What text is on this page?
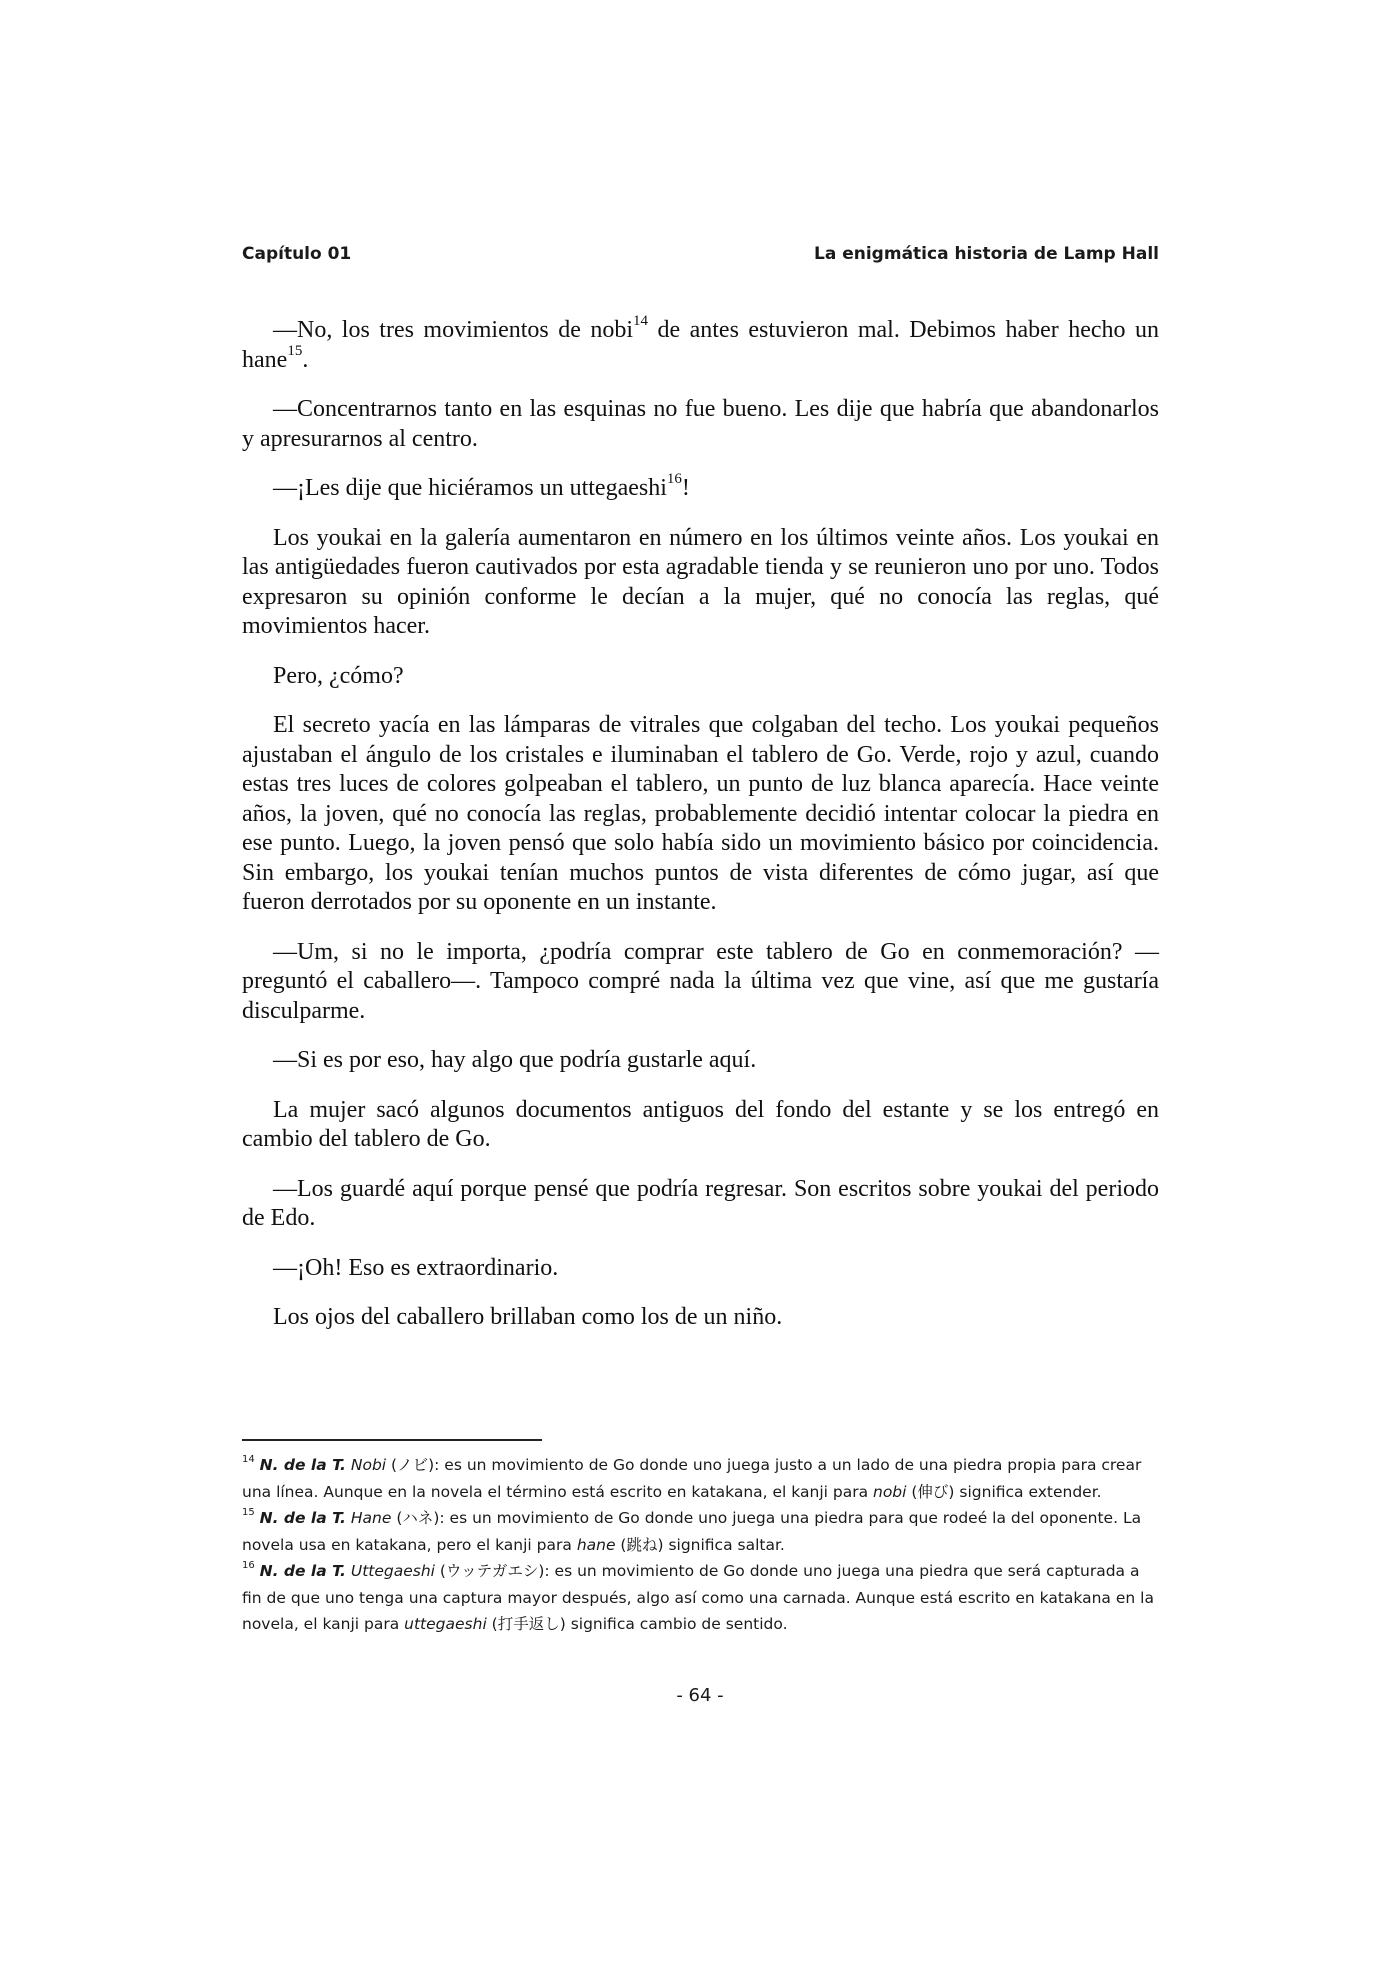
Capítulo 01	La enigmática historia de Lamp Hall

—No, los tres movimientos de nobi$^{14}$ de antes estuvieron mal. Debimos haber hecho un hane$^{15}$.

—Concentrarnos tanto en las esquinas no fue bueno. Les dije que habría que abandonarlos y apresurarnos al centro.

—¡Les dije que hiciéramos un uttegaeshi$^{16}$!

Los youkai en la galería aumentaron en número en los últimos veinte años. Los youkai en las antigüedades fueron cautivados por esta agradable tienda y se reunieron uno por uno. Todos expresaron su opinión conforme le decían a la mujer, qué no conocía las reglas, qué movimientos hacer.

Pero, ¿cómo?

El secreto yacía en las lámparas de vitrales que colgaban del techo. Los youkai pequeños ajustaban el ángulo de los cristales e iluminaban el tablero de Go. Verde, rojo y azul, cuando estas tres luces de colores golpeaban el tablero, un punto de luz blanca aparecía. Hace veinte años, la joven, qué no conocía las reglas, probablemente decidió intentar colocar la piedra en ese punto. Luego, la joven pensó que solo había sido un movimiento básico por coincidencia. Sin embargo, los youkai tenían muchos puntos de vista diferentes de cómo jugar, así que fueron derrotados por su oponente en un instante.

—Um, si no le importa, ¿podría comprar este tablero de Go en conmemoración? —preguntó el caballero—. Tampoco compré nada la última vez que vine, así que me gustaría disculparme.

—Si es por eso, hay algo que podría gustarle aquí.

La mujer sacó algunos documentos antiguos del fondo del estante y se los entregó en cambio del tablero de Go.

—Los guardé aquí porque pensé que podría regresar. Son escritos sobre youkai del periodo de Edo.

—¡Oh! Eso es extraordinario.

Los ojos del caballero brillaban como los de un niño.

$^{14}$ N. de la T. Nobi (ノビ): es un movimiento de Go donde uno juega justo a un lado de una piedra propia para crear una línea. Aunque en la novela el término está escrito en katakana, el kanji para nobi (伸び) significa extender.

$^{15}$ N. de la T. Hane (ハネ): es un movimiento de Go donde uno juega una piedra para que rodeé la del oponente. La novela usa en katakana, pero el kanji para hane (跳ね) significa saltar.

$^{16}$ N. de la T. Uttegaeshi (ウッテガエシ): es un movimiento de Go donde uno juega una piedra que será capturada a fin de que uno tenga una captura mayor después, algo así como una carnada. Aunque está escrito en katakana en la novela, el kanji para uttegaeshi (打手返し) significa cambio de sentido.

- 64 -
